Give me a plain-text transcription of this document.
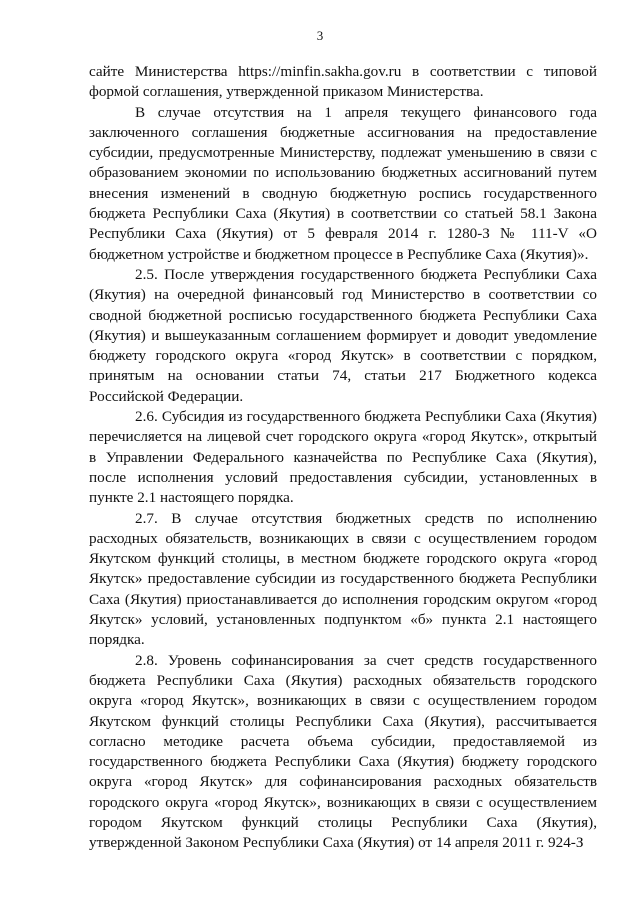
3

сайте Министерства https://minfin.sakha.gov.ru в соответствии с типовой формой соглашения, утвержденной приказом Министерства.

В случае отсутствия на 1 апреля текущего финансового года заключенного соглашения бюджетные ассигнования на предоставление субсидии, предусмотренные Министерству, подлежат уменьшению в связи с образованием экономии по использованию бюджетных ассигнований путем внесения изменений в сводную бюджетную роспись государственного бюджета Республики Саха (Якутия) в соответствии со статьей 58.1 Закона Республики Саха (Якутия) от 5 февраля 2014 г. 1280-З № 111-V «О бюджетном устройстве и бюджетном процессе в Республике Саха (Якутия)».

2.5. После утверждения государственного бюджета Республики Саха (Якутия) на очередной финансовый год Министерство в соответствии со сводной бюджетной росписью государственного бюджета Республики Саха (Якутия) и вышеуказанным соглашением формирует и доводит уведомление бюджету городского округа «город Якутск» в соответствии с порядком, принятым на основании статьи 74, статьи 217 Бюджетного кодекса Российской Федерации.

2.6. Субсидия из государственного бюджета Республики Саха (Якутия) перечисляется на лицевой счет городского округа «город Якутск», открытый в Управлении Федерального казначейства по Республике Саха (Якутия), после исполнения условий предоставления субсидии, установленных в пункте 2.1 настоящего порядка.

2.7. В случае отсутствия бюджетных средств по исполнению расходных обязательств, возникающих в связи с осуществлением городом Якутском функций столицы, в местном бюджете городского округа «город Якутск» предоставление субсидии из государственного бюджета Республики Саха (Якутия) приостанавливается до исполнения городским округом «город Якутск» условий, установленных подпунктом «б» пункта 2.1 настоящего порядка.

2.8. Уровень софинансирования за счет средств государственного бюджета Республики Саха (Якутия) расходных обязательств городского округа «город Якутск», возникающих в связи с осуществлением городом Якутском функций столицы Республики Саха (Якутия), рассчитывается согласно методике расчета объема субсидии, предоставляемой из государственного бюджета Республики Саха (Якутия) бюджету городского округа «город Якутск» для софинансирования расходных обязательств городского округа «город Якутск», возникающих в связи с осуществлением городом Якутском функций столицы Республики Саха (Якутия), утвержденной Законом Республики Саха (Якутия) от 14 апреля 2011 г. 924-З
